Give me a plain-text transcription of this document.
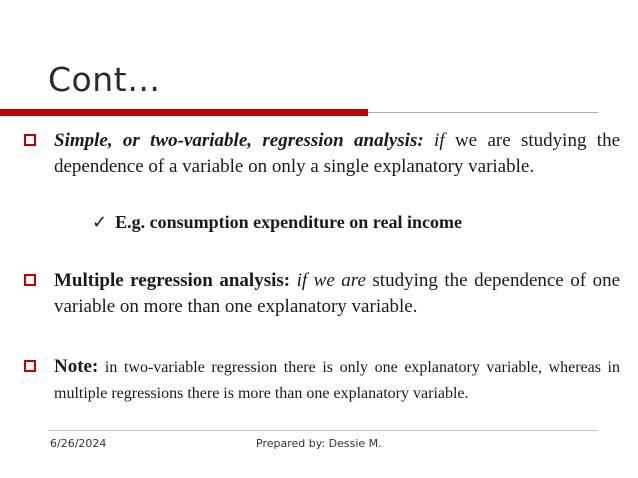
Cont…
Simple, or two-variable, regression analysis: if we are studying the dependence of a variable on only a single explanatory variable.
✓ E.g. consumption expenditure on real income
Multiple regression analysis: if we are studying the dependence of one variable on more than one explanatory variable.
Note: in two-variable regression there is only one explanatory variable, whereas in multiple regressions there is more than one explanatory variable.
6/26/2024	Prepared by: Dessie M.
